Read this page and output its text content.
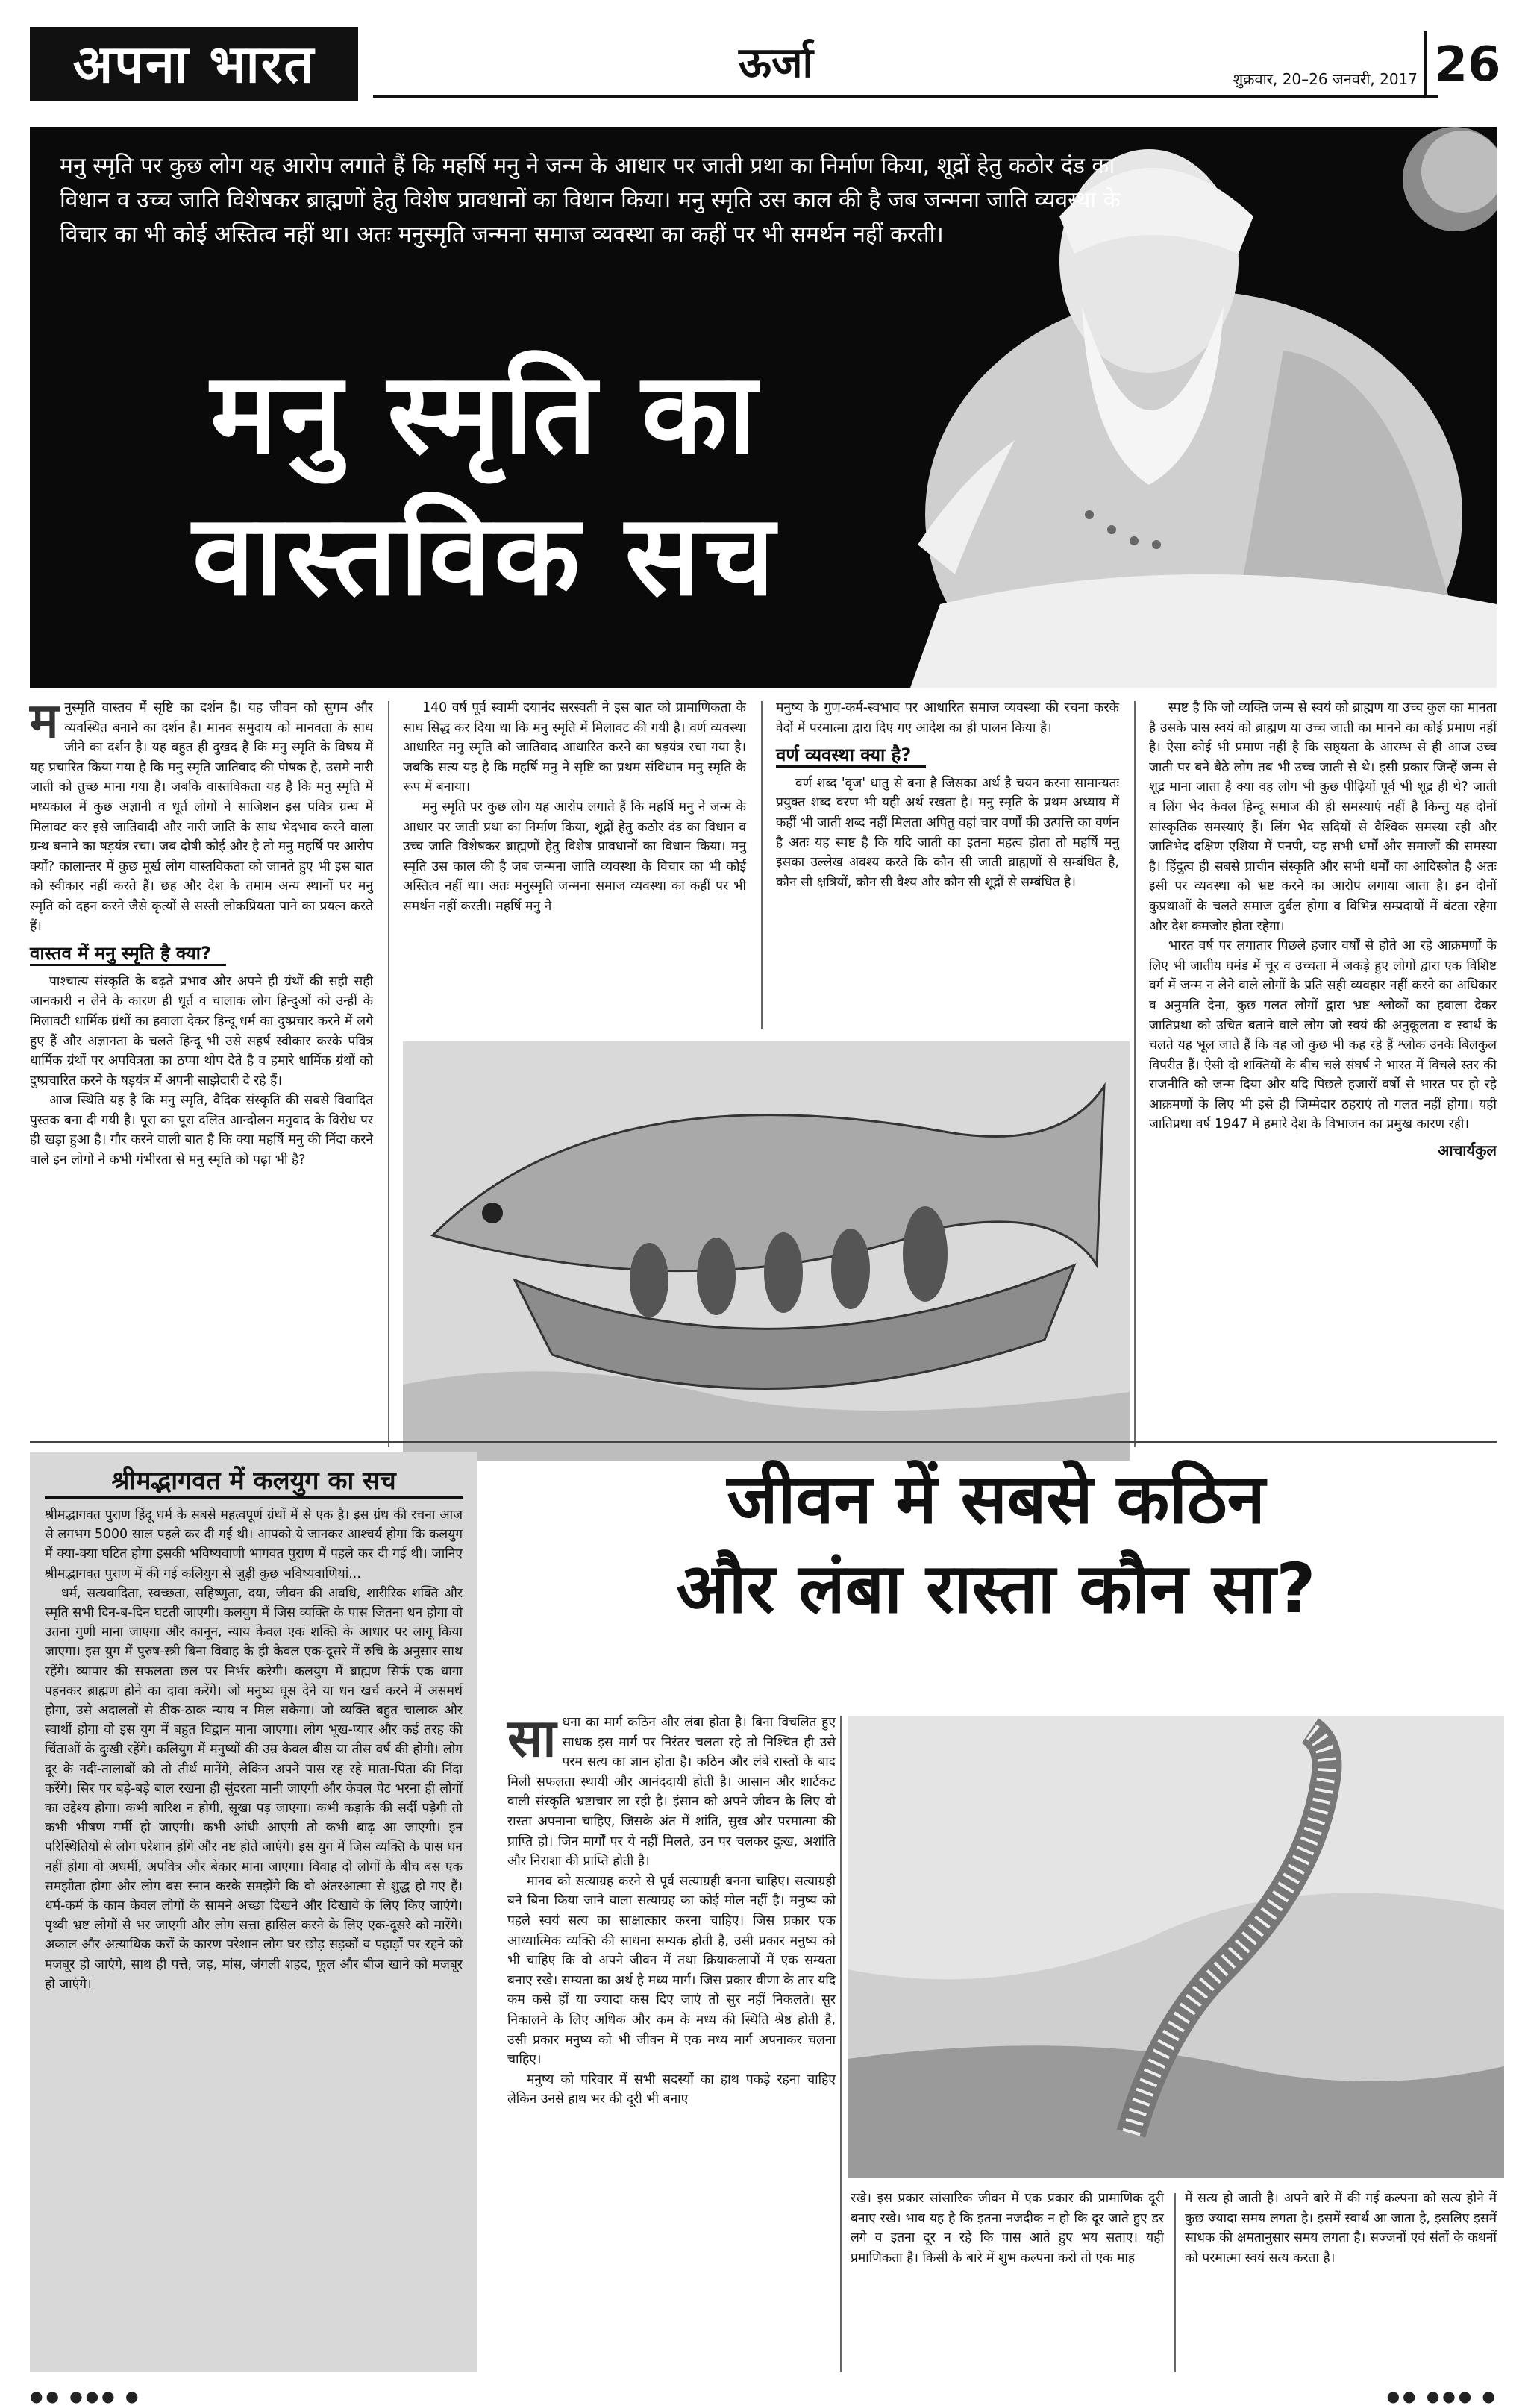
अपना भारत	ऊर्जा	शुक्रवार, 20–26 जनवरी, 2017 26
मनु स्मृति पर कुछ लोग यह आरोप लगाते हैं कि महर्षि मनु ने जन्म के आधार पर जाती प्रथा का निर्माण किया, शूद्रों हेतु कठोर दंड का विधान व उच्च जाति विशेषकर ब्राह्मणों हेतु विशेष प्रावधानों का विधान किया। मनु स्मृति उस काल की है जब जन्मना जाति व्यवस्था के विचार का भी कोई अस्तित्व नहीं था। अतः मनुस्मृति जन्मना समाज व्यवस्था का कहीं पर भी समर्थन नहीं करती।
मनु स्मृति का
वास्तविक सच

मनुस्मृति वास्तव में सृष्टि का दर्शन है। यह जीवन को सुगम और व्यवस्थित बनाने का दर्शन है। मानव समुदाय को मानवता के साथ जीने का दर्शन है। यह बहुत ही दुखद है कि मनु स्मृति के विषय में यह प्रचारित किया गया है कि मनु स्मृति जातिवाद की पोषक है, उसमे नारी जाती को तुच्छ माना गया है। जबकि वास्तविकता यह है कि मनु स्मृति में मध्यकाल में कुछ अज्ञानी व धूर्त लोगों ने साजिशन इस पवित्र ग्रन्थ में मिलावट कर इसे जातिवादी और नारी जाति के साथ भेदभाव करने वाला ग्रन्थ बनाने का षड़यंत्र रचा। जब दोषी कोई और है तो मनु महर्षि पर आरोप क्यों? कालान्तर में कुछ मूर्ख लोग वास्तविकता को जानते हुए भी इस बात को स्वीकार नहीं करते हैं। छह और देश के तमाम अन्य स्थानों पर मनु स्मृति को दहन करने जैसे कृत्यों से सस्ती लोकप्रियता पाने का प्रयत्न करते हैं।

वास्तव में मनु स्मृति है क्या?

पाश्चात्य संस्कृति के बढ़ते प्रभाव और अपने ही ग्रंथों की सही सही जानकारी न लेने के कारण ही धूर्त व चालाक लोग हिन्दुओं को उन्हीं के मिलावटी धार्मिक ग्रंथों का हवाला देकर हिन्दू धर्म का दुष्प्रचार करने में लगे हुए हैं और अज्ञानता के चलते हिन्दू भी उसे सहर्ष स्वीकार करके पवित्र धार्मिक ग्रंथों पर अपवित्रता का ठप्पा थोप देते है व हमारे धार्मिक ग्रंथों को दुष्प्रचारित करने के षड़यंत्र में अपनी साझेदारी दे रहे हैं।

आज स्थिति यह है कि मनु स्मृति, वैदिक संस्कृति की सबसे विवादित पुस्तक बना दी गयी है। पूरा का पूरा दलित आन्दोलन मनुवाद के विरोध पर ही खड़ा हुआ है। गौर करने वाली बात है कि क्या महर्षि मनु की निंदा करने वाले इन लोगों ने कभी गंभीरता से मनु स्मृति को पढ़ा भी है?

140 वर्ष पूर्व स्वामी दयानंद सरस्वती ने इस बात को प्रामाणिकता के साथ सिद्ध कर दिया था कि मनु स्मृति में मिलावट की गयी है। वर्ण व्यवस्था आधारित मनु स्मृति को जातिवाद आधारित करने का षड़यंत्र रचा गया है। जबकि सत्य यह है कि महर्षि मनु ने सृष्टि का प्रथम संविधान मनु स्मृति के रूप में बनाया।

मनु स्मृति पर कुछ लोग यह आरोप लगाते हैं कि महर्षि मनु ने जन्म के आधार पर जाती प्रथा का निर्माण किया, शूद्रों हेतु कठोर दंड का विधान व उच्च जाति विशेषकर ब्राह्मणों हेतु विशेष प्रावधानों का विधान किया। मनु स्मृति उस काल की है जब जन्मना जाति व्यवस्था के विचार का भी कोई अस्तित्व नहीं था। अतः मनुस्मृति जन्मना समाज व्यवस्था का कहीं पर भी समर्थन नहीं करती। महर्षि मनु ने

मनुष्य के गुण-कर्म-स्वभाव पर आधारित समाज व्यवस्था की रचना करके वेदों में परमात्मा द्वारा दिए गए आदेश का ही पालन किया है।

वर्ण व्यवस्था क्या है?

वर्ण शब्द 'वृज' धातु से बना है जिसका अर्थ है चयन करना सामान्यतः प्रयुक्त शब्द वरण भी यही अर्थ रखता है। मनु स्मृति के प्रथम अध्याय में कहीं भी जाती शब्द नहीं मिलता अपितु वहां चार वर्णों की उत्पत्ति का वर्णन है अतः यह स्पष्ट है कि यदि जाती का इतना महत्व होता तो महर्षि मनु इसका उल्लेख अवश्य करते कि कौन सी जाती ब्राह्मणों से सम्बंधित है, कौन सी क्षत्रियों, कौन सी वैश्य और कौन सी शूद्रों से सम्बंधित है।

स्पष्ट है कि जो व्यक्ति जन्म से स्वयं को ब्राह्मण या उच्च कुल का मानता है उसके पास स्वयं को ब्राह्मण या उच्च जाती का मानने का कोई प्रमाण नहीं है। ऐसा कोई भी प्रमाण नहीं है कि सष्ठ्यता के आरम्भ से ही आज उच्च जाती पर बने बैठे लोग तब भी उच्च जाती से थे। इसी प्रकार जिन्हें जन्म से शूद्र माना जाता है क्या वह लोग भी कुछ पीढ़ियों पूर्व भी शूद्र ही थे? जाती व लिंग भेद केवल हिन्दू समाज की ही समस्याएं नहीं है किन्तु यह दोनों सांस्कृतिक समस्याएं हैं। लिंग भेद सदियों से वैश्विक समस्या रही और जातिभेद दक्षिण एशिया में पनपी, यह सभी धर्मों और समाजों की समस्या है। हिंदुत्व ही सबसे प्राचीन संस्कृति और सभी धर्मों का आदिस्त्रोत है अतः इसी पर व्यवस्था को भ्रष्ट करने का आरोप लगाया जाता है। इन दोनों कुप्रथाओं के चलते समाज दुर्बल होगा व विभिन्न सम्प्रदायों में बंटता रहेगा और देश कमजोर होता रहेगा।

भारत वर्ष पर लगातार पिछले हजार वर्षों से होते आ रहे आक्रमणों के लिए भी जातीय घमंड में चूर व उच्चता में जकड़े हुए लोगों द्वारा एक विशिष्ट वर्ग में जन्म न लेने वाले लोगों के प्रति सही व्यवहार नहीं करने का अधिकार व अनुमति देना, कुछ गलत लोगों द्वारा भ्रष्ट श्लोकों का हवाला देकर जातिप्रथा को उचित बताने वाले लोग जो स्वयं की अनुकूलता व स्वार्थ के चलते यह भूल जाते हैं कि वह जो कुछ भी कह रहे हैं श्लोक उनके बिलकुल विपरीत हैं। ऐसी दो शक्तियों के बीच चले संघर्ष ने भारत में विचले स्तर की राजनीति को जन्म दिया और यदि पिछले हजारों वर्षों से भारत पर हो रहे आक्रमणों के लिए भी इसे ही जिम्मेदार ठहराएं तो गलत नहीं होगा। यही जातिप्रथा वर्ष 1947 में हमारे देश के विभाजन का प्रमुख कारण रही।

आचार्यकुल
श्रीमद्भागवत में कलयुग का सच

श्रीमद्भागवत पुराण हिंदू धर्म के सबसे महत्वपूर्ण ग्रंथों में से एक है। इस ग्रंथ की रचना आज से लगभग 5000 साल पहले कर दी गई थी। आपको ये जानकर आश्चर्य होगा कि कलयुग में क्या-क्या घटित होगा इसकी भविष्यवाणी भागवत पुराण में पहले कर दी गई थी। जानिए श्रीमद्भागवत पुराण में की गई कलियुग से जुड़ी कुछ भविष्यवाणियां...

धर्म, सत्यवादिता, स्वच्छता, सहिष्णुता, दया, जीवन की अवधि, शारीरिक शक्ति और स्मृति सभी दिन-ब-दिन घटती जाएगी। कलयुग में जिस व्यक्ति के पास जितना धन होगा वो उतना गुणी माना जाएगा और कानून, न्याय केवल एक शक्ति के आधार पर लागू किया जाएगा। इस युग में पुरुष-स्त्री बिना विवाह के ही केवल एक-दूसरे में रुचि के अनुसार साथ रहेंगे। व्यापार की सफलता छल पर निर्भर करेगी। कलयुग में ब्राह्मण सिर्फ एक धागा पहनकर ब्राह्मण होने का दावा करेंगे। जो मनुष्य घूस देने या धन खर्च करने में असमर्थ होगा, उसे अदालतों से ठीक-ठाक न्याय न मिल सकेगा। जो व्यक्ति बहुत चालाक और स्वार्थी होगा वो इस युग में बहुत विद्वान माना जाएगा। लोग भूख-प्यार और कई तरह की चिंताओं के दुःखी रहेंगे। कलियुग में मनुष्यों की उम्र केवल बीस या तीस वर्ष की होगी। लोग दूर के नदी-तालाबों को तो तीर्थ मानेंगे, लेकिन अपने पास रह रहे माता-पिता की निंदा करेंगे। सिर पर बड़े-बड़े बाल रखना ही सुंदरता मानी जाएगी और केवल पेट भरना ही लोगों का उद्देश्य होगा। कभी बारिश न होगी, सूखा पड़ जाएगा। कभी कड़ाके की सर्दी पड़ेगी तो कभी भीषण गर्मी हो जाएगी। कभी आंधी आएगी तो कभी बाढ़ आ जाएगी। इन परिस्थितियों से लोग परेशान होंगे और नष्ट होते जाएंगे। इस युग में जिस व्यक्ति के पास धन नहीं होगा वो अधर्मी, अपवित्र और बेकार माना जाएगा। विवाह दो लोगों के बीच बस एक समझौता होगा और लोग बस स्नान करके समझेंगे कि वो अंतरआत्मा से शुद्ध हो गए हैं। धर्म-कर्म के काम केवल लोगों के सामने अच्छा दिखने और दिखावे के लिए किए जाएंगे। पृथ्वी भ्रष्ट लोगों से भर जाएगी और लोग सत्ता हासिल करने के लिए एक-दूसरे को मारेंगे। अकाल और अत्याधिक करों के कारण परेशान लोग घर छोड़ सड़कों व पहाड़ों पर रहने को मजबूर हो जाएंगे, साथ ही पत्ते, जड़, मांस, जंगली शहद, फूल और बीज खाने को मजबूर हो जाएंगे।

जीवन में सबसे कठिन
और लंबा रास्ता कौन सा?

साधना का मार्ग कठिन और लंबा होता है। बिना विचलित हुए साधक इस मार्ग पर निरंतर चलता रहे तो निश्चित ही उसे परम सत्य का ज्ञान होता है। कठिन और लंबे रास्तों के बाद मिली सफलता स्थायी और आनंददायी होती है। आसान और शार्टकट वाली संस्कृति भ्रष्टाचार ला रही है। इंसान को अपने जीवन के लिए वो रास्ता अपनाना चाहिए, जिसके अंत में शांति, सुख और परमात्मा की प्राप्ति हो। जिन मार्गों पर ये नहीं मिलते, उन पर चलकर दुःख, अशांति और निराशा की प्राप्ति होती है।

मानव को सत्याग्रह करने से पूर्व सत्याग्रही बनना चाहिए। सत्याग्रही बने बिना किया जाने वाला सत्याग्रह का कोई मोल नहीं है। मनुष्य को पहले स्वयं सत्य का साक्षात्कार करना चाहिए। जिस प्रकार एक आध्यात्मिक व्यक्ति की साधना सम्यक होती है, उसी प्रकार मनुष्य को भी चाहिए कि वो अपने जीवन में तथा क्रियाकलापों में एक सम्यता बनाए रखे। सम्यता का अर्थ है मध्य मार्ग। जिस प्रकार वीणा के तार यदि कम कसे हों या ज्यादा कस दिए जाएं तो सुर नहीं निकलते। सुर निकालने के लिए अधिक और कम के मध्य की स्थिति श्रेष्ठ होती है, उसी प्रकार मनुष्य को भी जीवन में एक मध्य मार्ग अपनाकर चलना चाहिए।

मनुष्य को परिवार में सभी सदस्यों का हाथ पकड़े रहना चाहिए लेकिन उनसे हाथ भर की दूरी भी बनाए

रखे। इस प्रकार सांसारिक जीवन में एक प्रकार की प्रामाणिक दूरी बनाए रखे। भाव यह है कि इतना नजदीक न हो कि दूर जाते हुए डर लगे व इतना दूर न रहे कि पास आते हुए भय सताए। यही प्रमाणिकता है। किसी के बारे में शुभ कल्पना करो तो एक माह

में सत्य हो जाती है। अपने बारे में की गई कल्पना को सत्य होने में कुछ ज्यादा समय लगता है। इसमें स्वार्थ आ जाता है, इसलिए इसमें साधक की क्षमतानुसार समय लगता है। सज्जनों एवं संतों के कथनों को परमात्मा स्वयं सत्य करता है।

●● ●●● ●	●● ●●● ●
